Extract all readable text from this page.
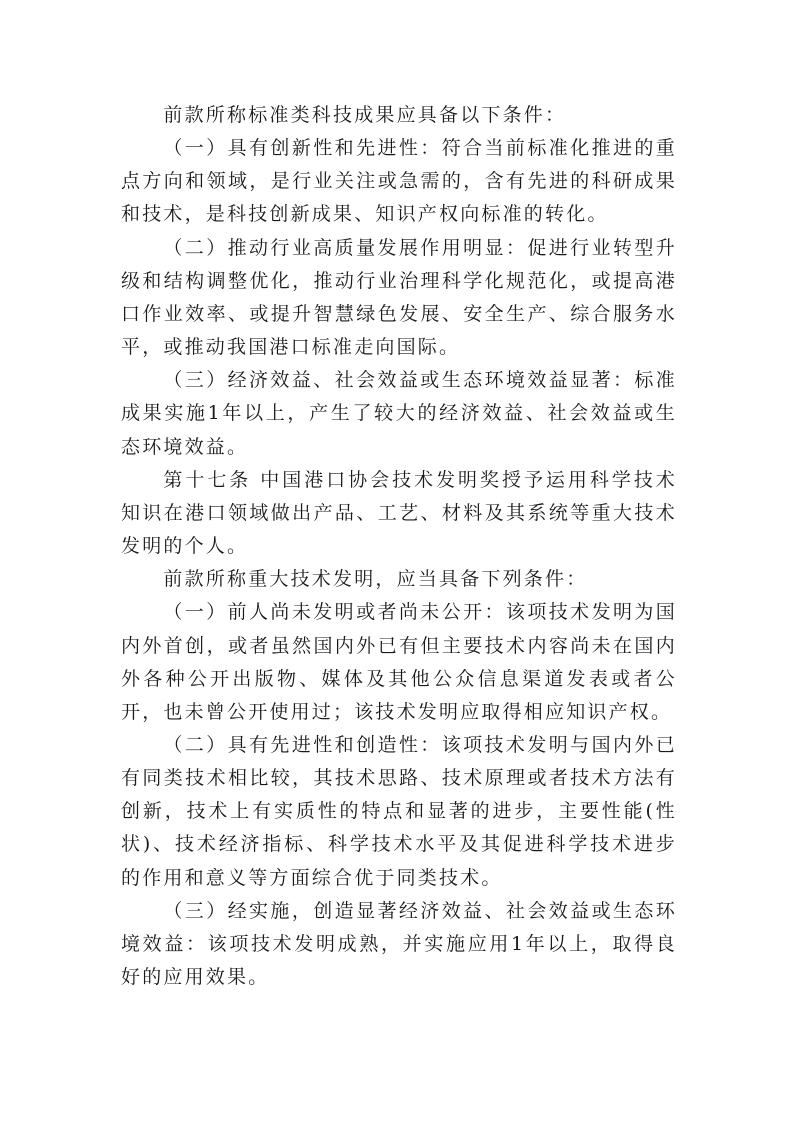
前款所称标准类科技成果应具备以下条件：

（一）具有创新性和先进性：符合当前标准化推进的重点方向和领域，是行业关注或急需的，含有先进的科研成果和技术，是科技创新成果、知识产权向标准的转化。

（二）推动行业高质量发展作用明显：促进行业转型升级和结构调整优化，推动行业治理科学化规范化，或提高港口作业效率、或提升智慧绿色发展、安全生产、综合服务水平，或推动我国港口标准走向国际。

（三）经济效益、社会效益或生态环境效益显著：标准成果实施1年以上，产生了较大的经济效益、社会效益或生态环境效益。

第十七条 中国港口协会技术发明奖授予运用科学技术知识在港口领域做出产品、工艺、材料及其系统等重大技术发明的个人。

前款所称重大技术发明，应当具备下列条件：

（一）前人尚未发明或者尚未公开：该项技术发明为国内外首创，或者虽然国内外已有但主要技术内容尚未在国内外各种公开出版物、媒体及其他公众信息渠道发表或者公开，也未曾公开使用过；该技术发明应取得相应知识产权。

（二）具有先进性和创造性：该项技术发明与国内外已有同类技术相比较，其技术思路、技术原理或者技术方法有创新，技术上有实质性的特点和显著的进步，主要性能(性状)、技术经济指标、科学技术水平及其促进科学技术进步的作用和意义等方面综合优于同类技术。

（三）经实施，创造显著经济效益、社会效益或生态环境效益：该项技术发明成熟，并实施应用1年以上，取得良好的应用效果。
